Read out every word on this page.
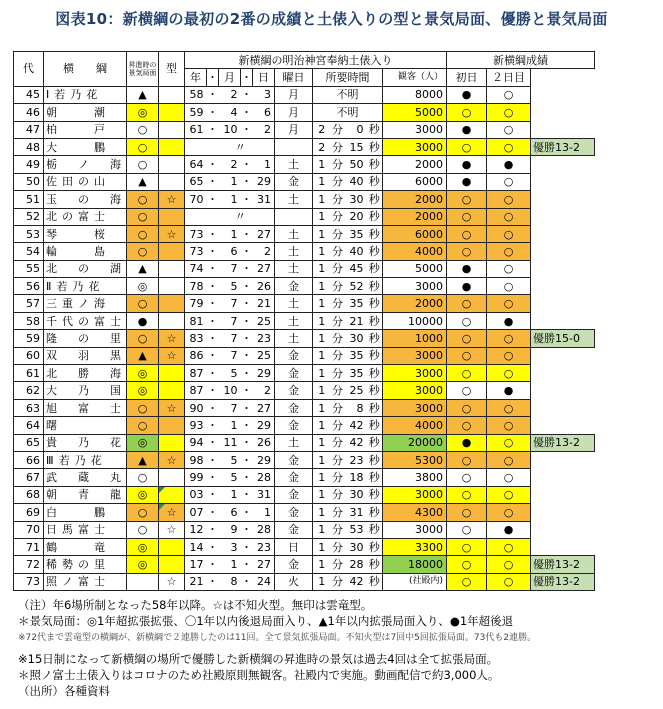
図表10：新横綱の最初の2番の成績と土俵入りの型と景気局面、優勝と景気局面
代	横　　綱	昇進時の景気局面	型	新横綱の明治神宮奉納土俵入り											新横綱成績		
				年	・	月	・	日	曜日	所要時間				観客（人）	初日	２日目	
45	Ⅰ若乃花	▲		58	・	2	・	3	月	不明				8000	●	○	
46	朝　　潮	◎		59	・	4	・	6	月	不明				5000	○	○	
47	柏　　戸	○		61	・	10	・	2	月	2	分	0	秒	3000	●	○	
48	大　　鵬	○			〃					2	分	15	秒	3000	○	○	優勝13-2
49	栃　ノ　海	○		64	・	2	・	1	土	1	分	50	秒	2000	●	●	
50	佐田の山	▲		65	・	1	・	29	金	1	分	40	秒	6000	●	○	
51	玉　の　海	○	☆	70	・	1	・	31	土	1	分	30	秒	2000	○	○	
52	北の富士	○			〃					1	分	20	秒	2000	○	○	
53	琴　　桜	○	☆	73	・	1	・	27	土	1	分	35	秒	6000	○	○	
54	輪　　島	○		73	・	6	・	2	土	1	分	40	秒	4000	○	○	
55	北　の　湖	▲		74	・	7	・	27	土	1	分	45	秒	5000	●	○	
56	Ⅱ若乃花	◎		78	・	5	・	26	金	1	分	52	秒	3000	●	○	
57	三重ノ海	○		79	・	7	・	21	土	1	分	35	秒	2000	○	○	
58	千代の富士	●		81	・	7	・	25	土	1	分	21	秒	10000	○	●	
59	隆　の　里	○	☆	83	・	7	・	23	土	1	分	30	秒	1000	○	○	優勝15-0
60	双　羽　黒	▲	☆	86	・	7	・	25	金	1	分	35	秒	3000	○	○	
61	北　勝　海	◎		87	・	5	・	29	金	1	分	35	秒	3000	○	○	
62	大　乃　国	◎		87	・	10	・	2	金	1	分	25	秒	3000	○	●	
63	旭　富　士	○	☆	90	・	7	・	27	金	1	分	8	秒	3000	○	○	
64	曙	○		93	・	1	・	29	金	1	分	42	秒	4000	○	○	
65	貴　乃　花	◎		94	・	11	・	26	土	1	分	42	秒	20000	●	○	優勝13-2
66	Ⅲ若乃花	▲	☆	98	・	5	・	29	金	1	分	23	秒	5300	○	○	
67	武　蔵　丸	○		99	・	5	・	28	金	1	分	18	秒	3800	○	○	
68	朝　青　龍	◎		03	・	1	・	31	金	1	分	30	秒	3000	○	○	
69	白　　鵬	○	☆	07	・	6	・	1	金	1	分	31	秒	4300	○	○	
70	日馬富士	○	☆	12	・	9	・	28	金	1	分	53	秒	3000	○	●	
71	鶴　　竜	◎		14	・	3	・	23	日	1	分	30	秒	3300	○	○	
72	稀勢の里	◎		17	・	1	・	27	金	1	分	28	秒	18000	○	○	優勝13-2
73	照ノ富士		☆	21	・	8	・	24	火	1	分	42	秒	(社殿内)	○	○	優勝13-2
（注）年6場所制となった58年以降。☆は不知火型。無印は雲竜型。
＊景気局面：◎1年超拡張拡張、〇1年以内後退局面入り、▲1年以内拡張局面入り、●1年超後退
※72代まで雲竜型の横綱が、新横綱で２連勝したのは11回。全て景気拡張局面。不知火型は7回中5回拡張局面。73代も2連勝。
※15日制になって新横綱の場所で優勝した新横綱の昇進時の景気は過去4回は全て拡張局面。
＊照ノ富士土俵入りはコロナのため社殿原則無観客。社殿内で実施。動画配信で約3,000人。
（出所）各種資料
